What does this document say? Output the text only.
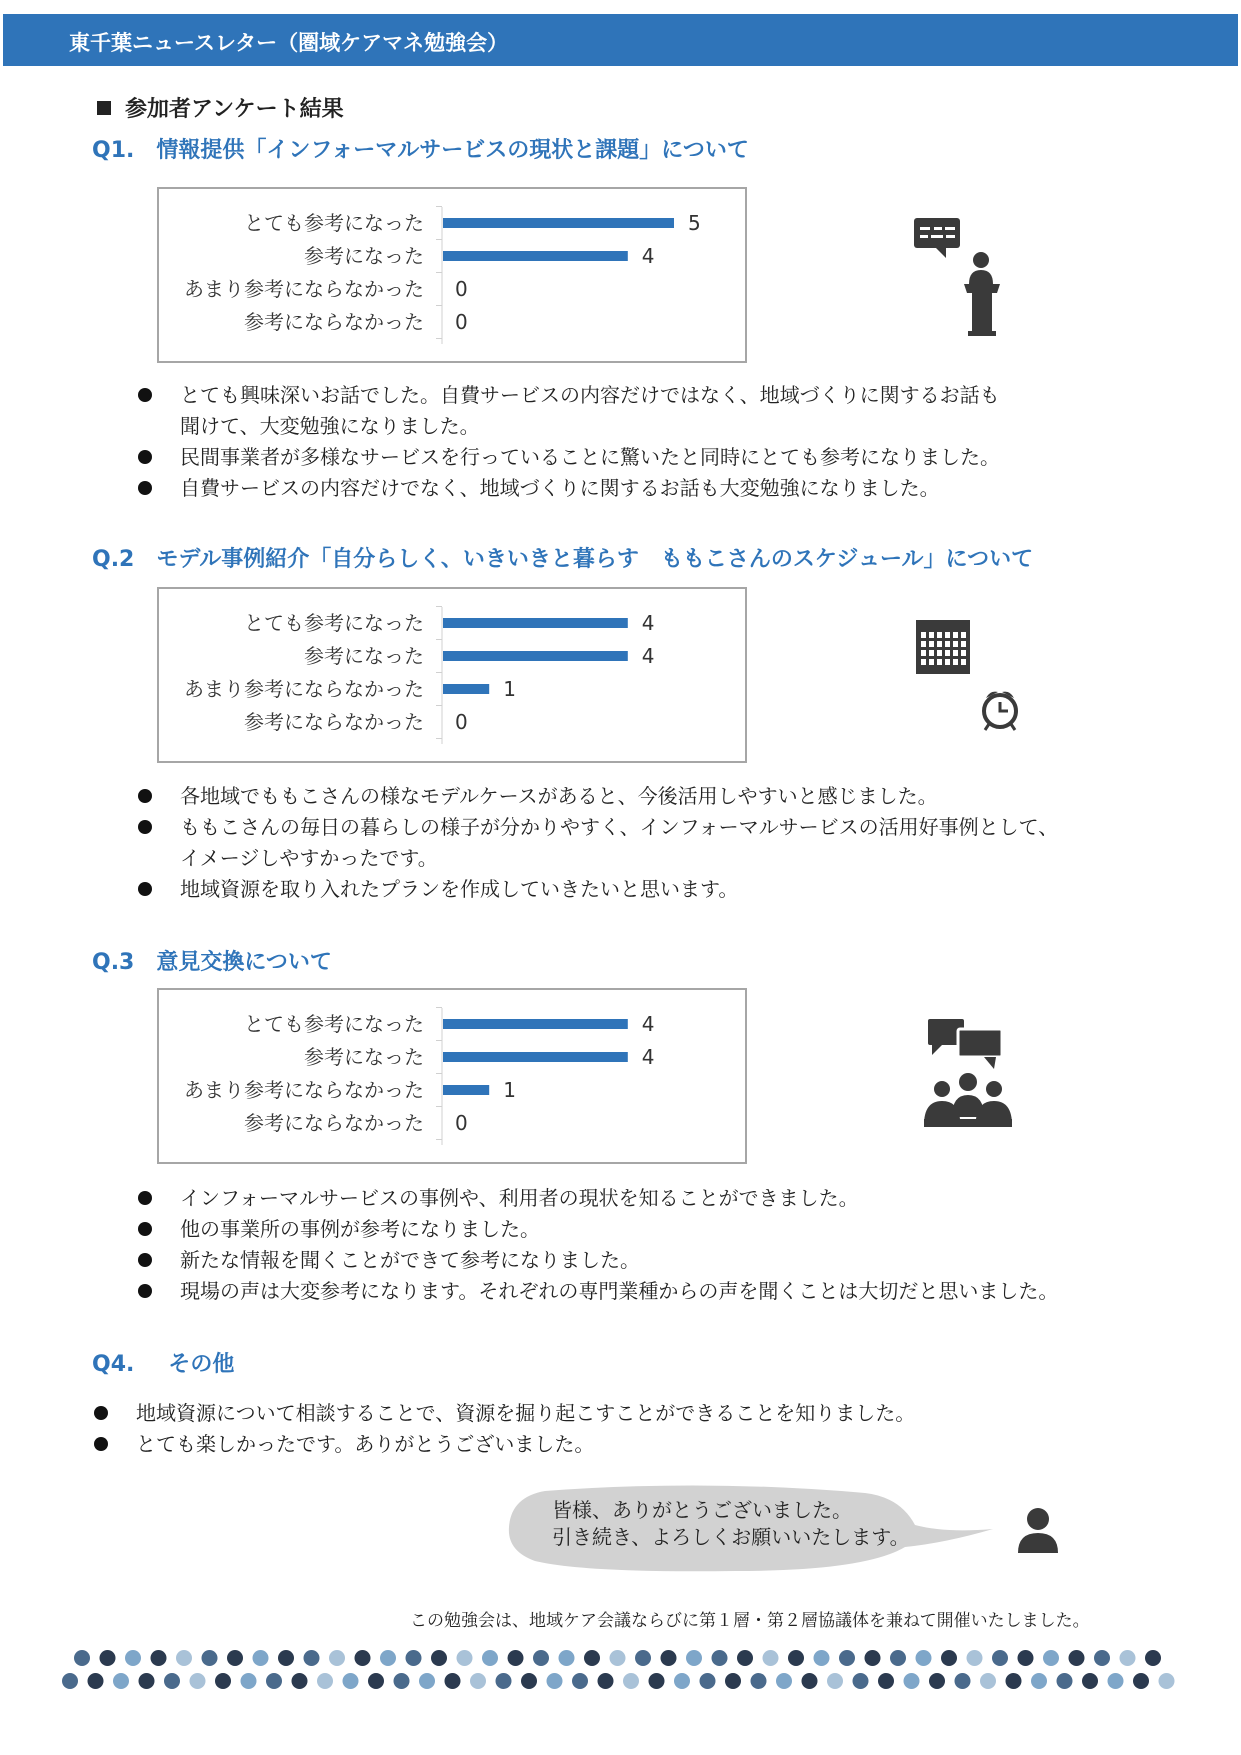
東千葉ニュースレター（圏域ケアマネ勉強会）
参加者アンケート結果
Q1. 情報提供「インフォーマルサービスの現状と課題」について
とても参考になった	5
参考になった	4
あまり参考にならなかった 0
参考にならなかった 0
とても興味深いお話でした。自費サービスの内容だけではなく、地域づくりに関するお話も
聞けて、大変勉強になりました。
民間事業者が多様なサービスを行っていることに驚いたと同時にとても参考になりました。
自費サービスの内容だけでなく、地域づくりに関するお話も大変勉強になりました。
Q.2 モデル事例紹介「自分らしく、いきいきと暮らす　ももこさんのスケジュール」について
とても参考になった	4
参考になった	4
あまり参考にならなかった	1
参考にならなかった 0
各地域でももこさんの様なモデルケースがあると、今後活用しやすいと感じました。
ももこさんの毎日の暮らしの様子が分かりやすく、インフォーマルサービスの活用好事例として、
イメージしやすかったです。
地域資源を取り入れたプランを作成していきたいと思います。
Q.3 意見交換について
とても参考になった	4
参考になった	4
あまり参考にならなかった	1
参考にならなかった 0
インフォーマルサービスの事例や、利用者の現状を知ることができました。
他の事業所の事例が参考になりました。
新たな情報を聞くことができて参考になりました。
現場の声は大変参考になります。それぞれの専門業種からの声を聞くことは大切だと思いました。
Q4. その他
地域資源について相談することで、資源を掘り起こすことができることを知りました。
とても楽しかったです。ありがとうございました。
皆様、ありがとうございました。
引き続き、よろしくお願いいたします。
この勉強会は、地域ケア会議ならびに第１層・第２層協議体を兼ねて開催いたしました。
